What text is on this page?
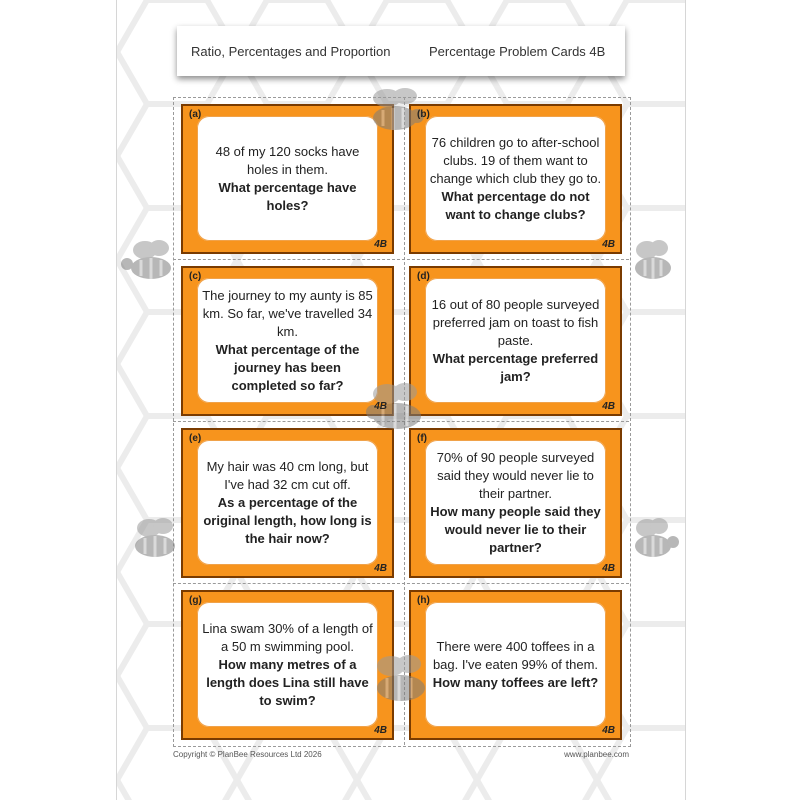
Ratio, Percentages and Proportion	Percentage Problem Cards 4B
(a)
48 of my 120 socks have holes in them.
What percentage have holes?
4B
(b)
76 children go to after-school clubs. 19 of them want to change which club they go to.
What percentage do not want to change clubs?
4B
(c)
The journey to my aunty is 85 km. So far, we've travelled 34 km.
What percentage of the journey has been completed so far?
4B
(d)
16 out of 80 people surveyed preferred jam on toast to fish paste.
What percentage preferred jam?
4B
(e)
My hair was 40 cm long, but I've had 32 cm cut off.
As a percentage of the original length, how long is the hair now?
4B
(f)
70% of 90 people surveyed said they would never lie to their partner.
How many people said they would never lie to their partner?
4B
(g)
Lina swam 30% of a length of a 50 m swimming pool.
How many metres of a length does Lina still have to swim?
4B
(h)
There were 400 toffees in a bag. I've eaten 99% of them.
How many toffees are left?
4B
Copyright © PlanBee Resources Ltd 2026	www.planbee.com
